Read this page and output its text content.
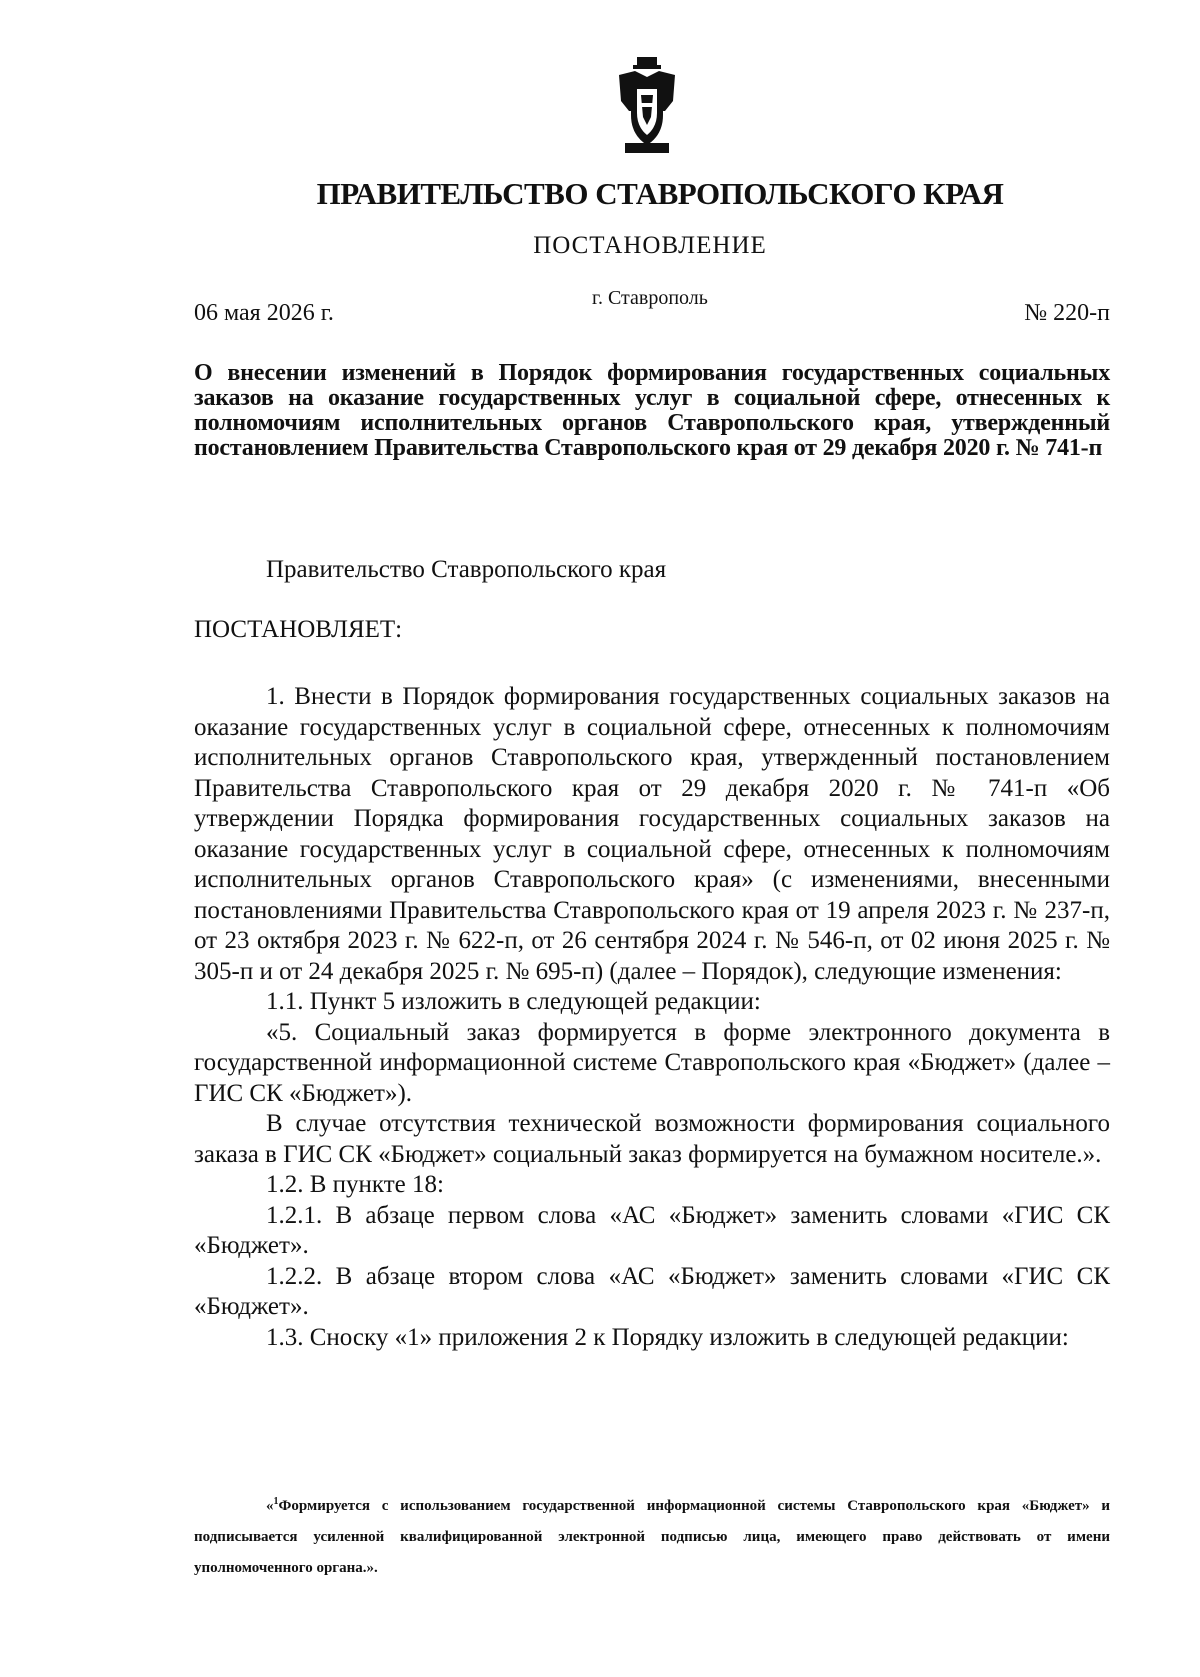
ПРАВИТЕЛЬСТВО СТАВРОПОЛЬСКОГО КРАЯ
ПОСТАНОВЛЕНИЕ
г. Ставрополь
06 мая 2026 г.	№ 220-п
О внесении изменений в Порядок формирования государственных социальных заказов на оказание государственных услуг в социальной сфере, отнесенных к полномочиям исполнительных органов Ставропольского края, утвержденный постановлением Правительства Ставропольского края от 29 декабря 2020 г. № 741-п
Правительство Ставропольского края
ПОСТАНОВЛЯЕТ:

1. Внести в Порядок формирования государственных социальных заказов на оказание государственных услуг в социальной сфере, отнесенных к полномочиям исполнительных органов Ставропольского края, утвержденный постановлением Правительства Ставропольского края от 29 декабря 2020 г. № 741-п «Об утверждении Порядка формирования государственных социальных заказов на оказание государственных услуг в социальной сфере, отнесенных к полномочиям исполнительных органов Ставропольского края» (с изменениями, внесенными постановлениями Правительства Ставропольского края от 19 апреля 2023 г. № 237-п, от 23 октября 2023 г. № 622-п, от 26 сентября 2024 г. № 546-п, от 02 июня 2025 г. № 305-п и от 24 декабря 2025 г. № 695-п) (далее – Порядок), следующие изменения:

1.1. Пункт 5 изложить в следующей редакции:

«5. Социальный заказ формируется в форме электронного документа в государственной информационной системе Ставропольского края «Бюджет» (далее – ГИС СК «Бюджет»).

В случае отсутствия технической возможности формирования социального заказа в ГИС СК «Бюджет» социальный заказ формируется на бумажном носителе.».

1.2. В пункте 18:

1.2.1. В абзаце первом слова «АС «Бюджет» заменить словами «ГИС СК «Бюджет».

1.2.2. В абзаце втором слова «АС «Бюджет» заменить словами «ГИС СК «Бюджет».

1.3. Сноску «1» приложения 2 к Порядку изложить в следующей редакции:

«$^1$Формируется с использованием государственной информационной системы Ставропольского края «Бюджет» и подписывается усиленной квалифицированной электронной подписью лица, имеющего право действовать от имени уполномоченного органа.».
